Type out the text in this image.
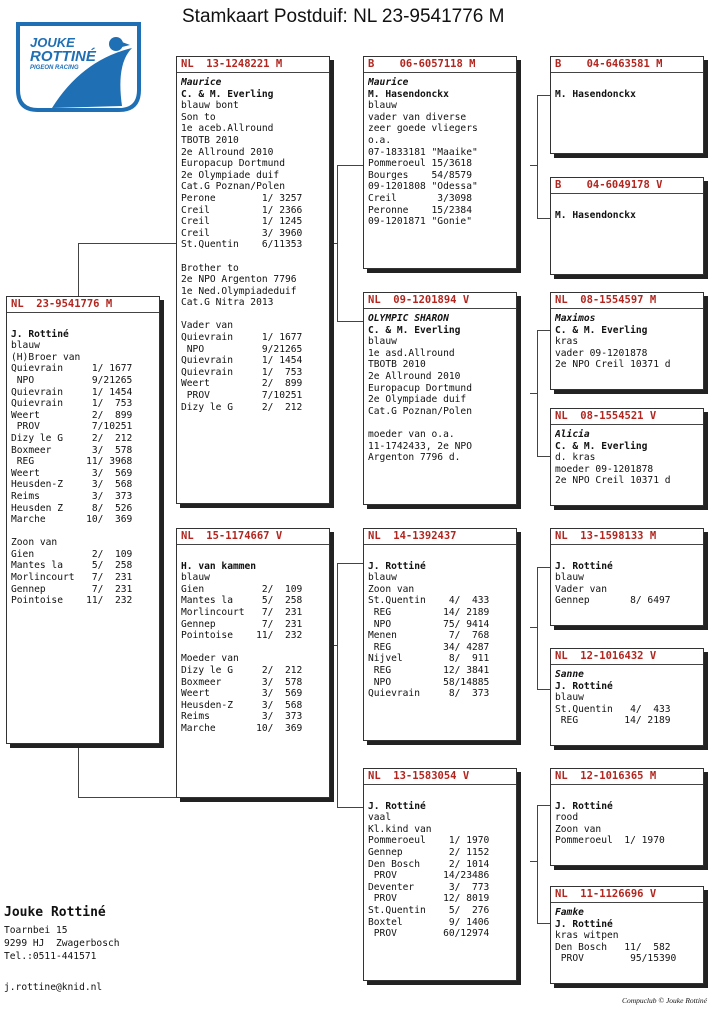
Stamkaart Postduif: NL 23-9541776 M
JOUKE
ROTTINÉ
PIGEON RACING
NL  23-9541776 M
J. Rottiné
blauw
(H)Broer van
Quievrain     1/ 1677
NPO          9/21265
Quievrain     1/ 1454
Quievrain     1/  753
Weert         2/  899
PROV         7/10251
Dizy le G     2/  212
Boxmeer       3/  578
REG         11/ 3968
Weert         3/  569
Heusden-Z     3/  568
Reims         3/  373
Heusden Z     8/  526
Marche       10/  369
Zoon van
Gien          2/  109
Mantes la     5/  258
Morlincourt   7/  231
Gennep        7/  231
Pointoise    11/  232
NL  13-1248221 M
Maurice
C. & M. Everling
blauw bont
Son to
1e aceb.Allround
TBOTB 2010
2e Allround 2010
Europacup Dortmund
2e Olympiade duif
Cat.G Poznan/Polen
Perone        1/ 3257
Creil         1/ 2366
Creil         1/ 1245
Creil         3/ 3960
St.Quentin    6/11353
Brother to
2e NPO Argenton 7796
1e Ned.Olympiadeduif
Cat.G Nitra 2013
Vader van
Quievrain     1/ 1677
NPO          9/21265
Quievrain     1/ 1454
Quievrain     1/  753
Weert         2/  899
PROV         7/10251
Dizy le G     2/  212
NL  15-1174667 V
H. van kammen
blauw
Gien          2/  109
Mantes la     5/  258
Morlincourt   7/  231
Gennep        7/  231
Pointoise    11/  232
Moeder van
Dizy le G     2/  212
Boxmeer       3/  578
Weert         3/  569
Heusden-Z     3/  568
Reims         3/  373
Marche       10/  369
B    06-6057118 M
Maurice
M. Hasendonckx
blauw
vader van diverse
zeer goede vliegers
o.a.
07-1833181 "Maaike"
Pommeroeul 15/3618
Bourges    54/8579
09-1201808 "Odessa"
Creil       3/3098
Peronne    15/2384
09-1201871 "Gonie"
NL  09-1201894 V
OLYMPIC SHARON
C. & M. Everling
blauw
1e asd.Allround
TBOTB 2010
2e Allround 2010
Europacup Dortmund
2e Olympiade duif
Cat.G Poznan/Polen
moeder van o.a.
11-1742433, 2e NPO
Argenton 7796 d.
NL  14-1392437
J. Rottiné
blauw
Zoon van
St.Quentin    4/  433
REG         14/ 2189
NPO         75/ 9414
Menen         7/  768
REG         34/ 4287
Nijvel        8/  911
REG         12/ 3841
NPO         58/14885
Quievrain     8/  373
NL  13-1583054 V
J. Rottiné
vaal
Kl.kind van
Pommeroeul    1/ 1970
Gennep        2/ 1152
Den Bosch     2/ 1014
PROV        14/23486
Deventer      3/  773
PROV        12/ 8019
St.Quentin    5/  276
Boxtel        9/ 1406
PROV        60/12974
B    04-6463581 M
M. Hasendonckx
B    04-6049178 V
M. Hasendonckx
NL  08-1554597 M
Maximos
C. & M. Everling
kras
vader 09-1201878
2e NPO Creil 10371 d
NL  08-1554521 V
Alicia
C. & M. Everling
d. kras
moeder 09-1201878
2e NPO Creil 10371 d
NL  13-1598133 M
J. Rottiné
blauw
Vader van
Gennep       8/ 6497
NL  12-1016432 V
Sanne
J. Rottiné
blauw
St.Quentin   4/  433
REG        14/ 2189
NL  12-1016365 M
J. Rottiné
rood
Zoon van
Pommeroeul  1/ 1970
NL  11-1126696 V
Famke
J. Rottiné
kras witpen
Den Bosch   11/  582
PROV        95/15390
Jouke Rottiné
Toarnbei 15
9299 HJ  Zwagerbosch
Tel.:0511-441571
j.rottine@knid.nl
Compuclub © Jouke Rottiné
